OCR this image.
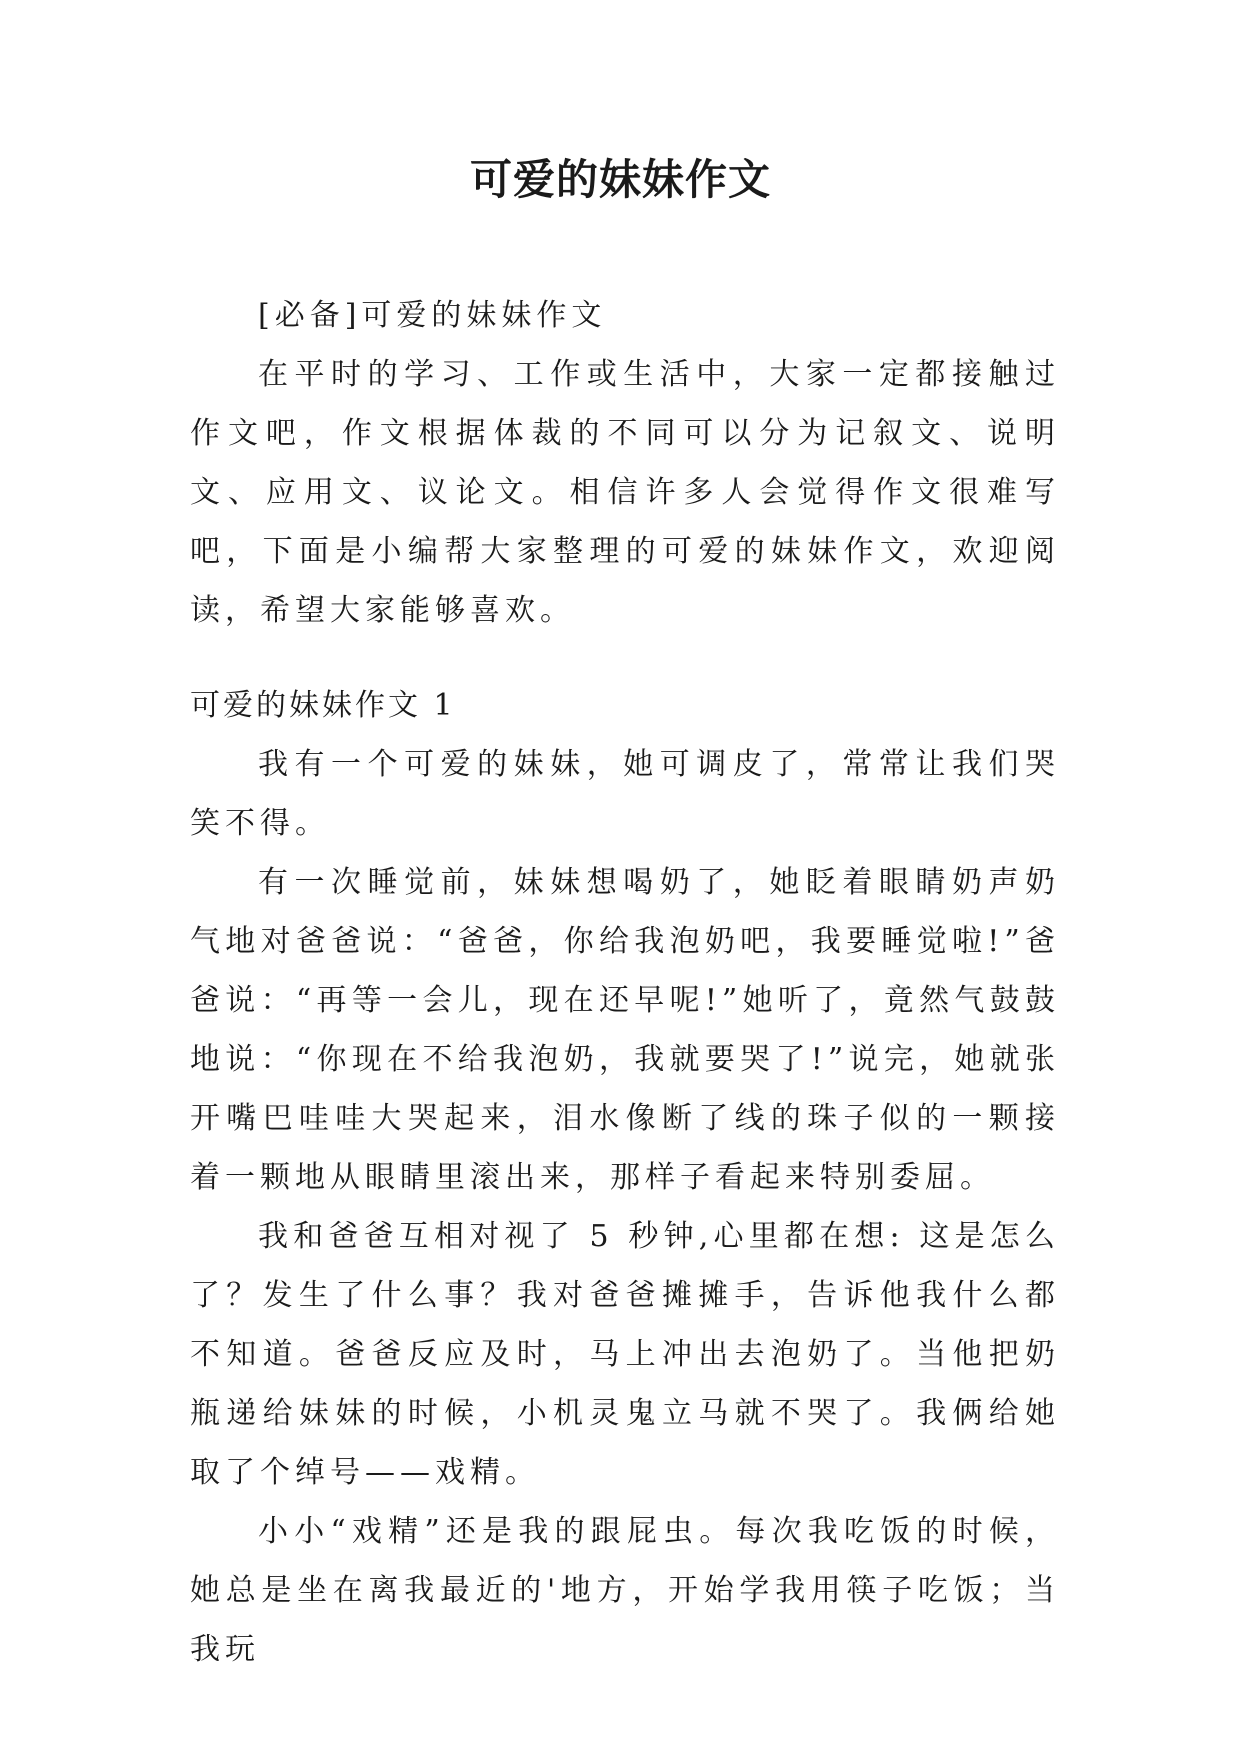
可爱的妹妹作文

[必备]可爱的妹妹作文

在平时的学习、工作或生活中，大家一定都接触过作文吧，作文根据体裁的不同可以分为记叙文、说明文、应用文、议论文。相信许多人会觉得作文很难写吧，下面是小编帮大家整理的可爱的妹妹作文，欢迎阅读，希望大家能够喜欢。

可爱的妹妹作文 1

我有一个可爱的妹妹，她可调皮了，常常让我们哭笑不得。

有一次睡觉前，妹妹想喝奶了，她眨着眼睛奶声奶气地对爸爸说：“爸爸，你给我泡奶吧，我要睡觉啦!”爸爸说：“再等一会儿，现在还早呢!”她听了，竟然气鼓鼓地说：“你现在不给我泡奶，我就要哭了!”说完，她就张开嘴巴哇哇大哭起来，泪水像断了线的珠子似的一颗接着一颗地从眼睛里滚出来，那样子看起来特别委屈。

我和爸爸互相对视了 5 秒钟,心里都在想: 这是怎么了？发生了什么事？我对爸爸摊摊手，告诉他我什么都不知道。爸爸反应及时，马上冲出去泡奶了。当他把奶瓶递给妹妹的时候，小机灵鬼立马就不哭了。我俩给她取了个绰号——戏精。

小小“戏精”还是我的跟屁虫。每次我吃饭的时候，她总是坐在离我最近的'地方，开始学我用筷子吃饭；当我玩
